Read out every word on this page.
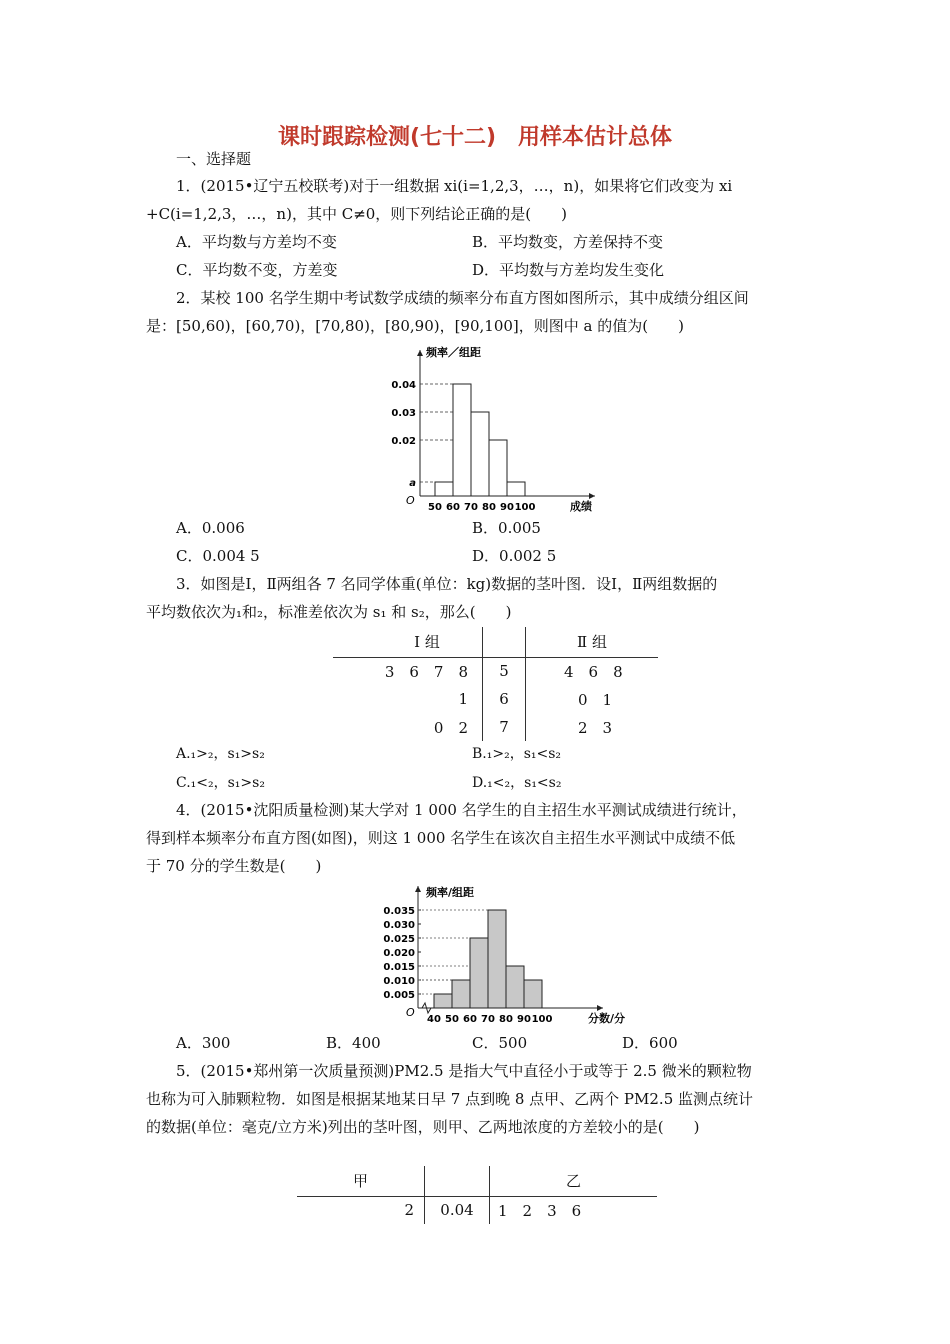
课时跟踪检测(七十二)　用样本估计总体
一、选择题
1．(2015•辽宁五校联考)对于一组数据 xi(i=1,2,3，…，n)，如果将它们改变为 xi
+C(i=1,2,3，…，n)，其中 C≠0，则下列结论正确的是(　　)
A．平均数与方差均不变	B．平均数变，方差保持不变
C．平均数不变，方差变	D．平均数与方差均发生变化
2．某校 100 名学生期中考试数学成绩的频率分布直方图如图所示，其中成绩分组区间
是：[50,60)，[60,70)，[70,80)，[80,90)，[90,100]，则图中 a 的值为(　　)
频率／组距
成绩
O
a
0.02
0.03
0.04
50 60 70 80 90 100
A．0.006	B．0.005
C．0.004 5	D．0.002 5
3．如图是Ⅰ，Ⅱ两组各 7 名同学体重(单位：kg)数据的茎叶图．设Ⅰ，Ⅱ两组数据的
平均数依次为₁和₂，标准差依次为 s₁ 和 s₂，那么(　　)
Ⅰ 组		Ⅱ 组
3　6　7　8	5	4　6　8
1	6	0　1
0　2	7	2　3
A.₁>₂，s₁>s₂	B.₁>₂，s₁<s₂
C.₁<₂，s₁>s₂	D.₁<₂，s₁<s₂
4．(2015•沈阳质量检测)某大学对 1 000 名学生的自主招生水平测试成绩进行统计，
得到样本频率分布直方图(如图)，则这 1 000 名学生在该次自主招生水平测试中成绩不低
于 70 分的学生数是(　　)
频率/组距
分数/分
O
0.005
0.010
0.015
0.020
0.025
0.030
0.035
40 50 60 70 80 90 100
A．300	B．400	C．500	D．600
5．(2015•郑州第一次质量预测)PM2.5 是指大气中直径小于或等于 2.5 微米的颗粒物
也称为可入肺颗粒物．如图是根据某地某日早 7 点到晚 8 点甲、乙两个 PM2.5 监测点统计
的数据(单位：毫克/立方米)列出的茎叶图，则甲、乙两地浓度的方差较小的是(　　)
甲		乙
2	0.04	1　2　3　6
